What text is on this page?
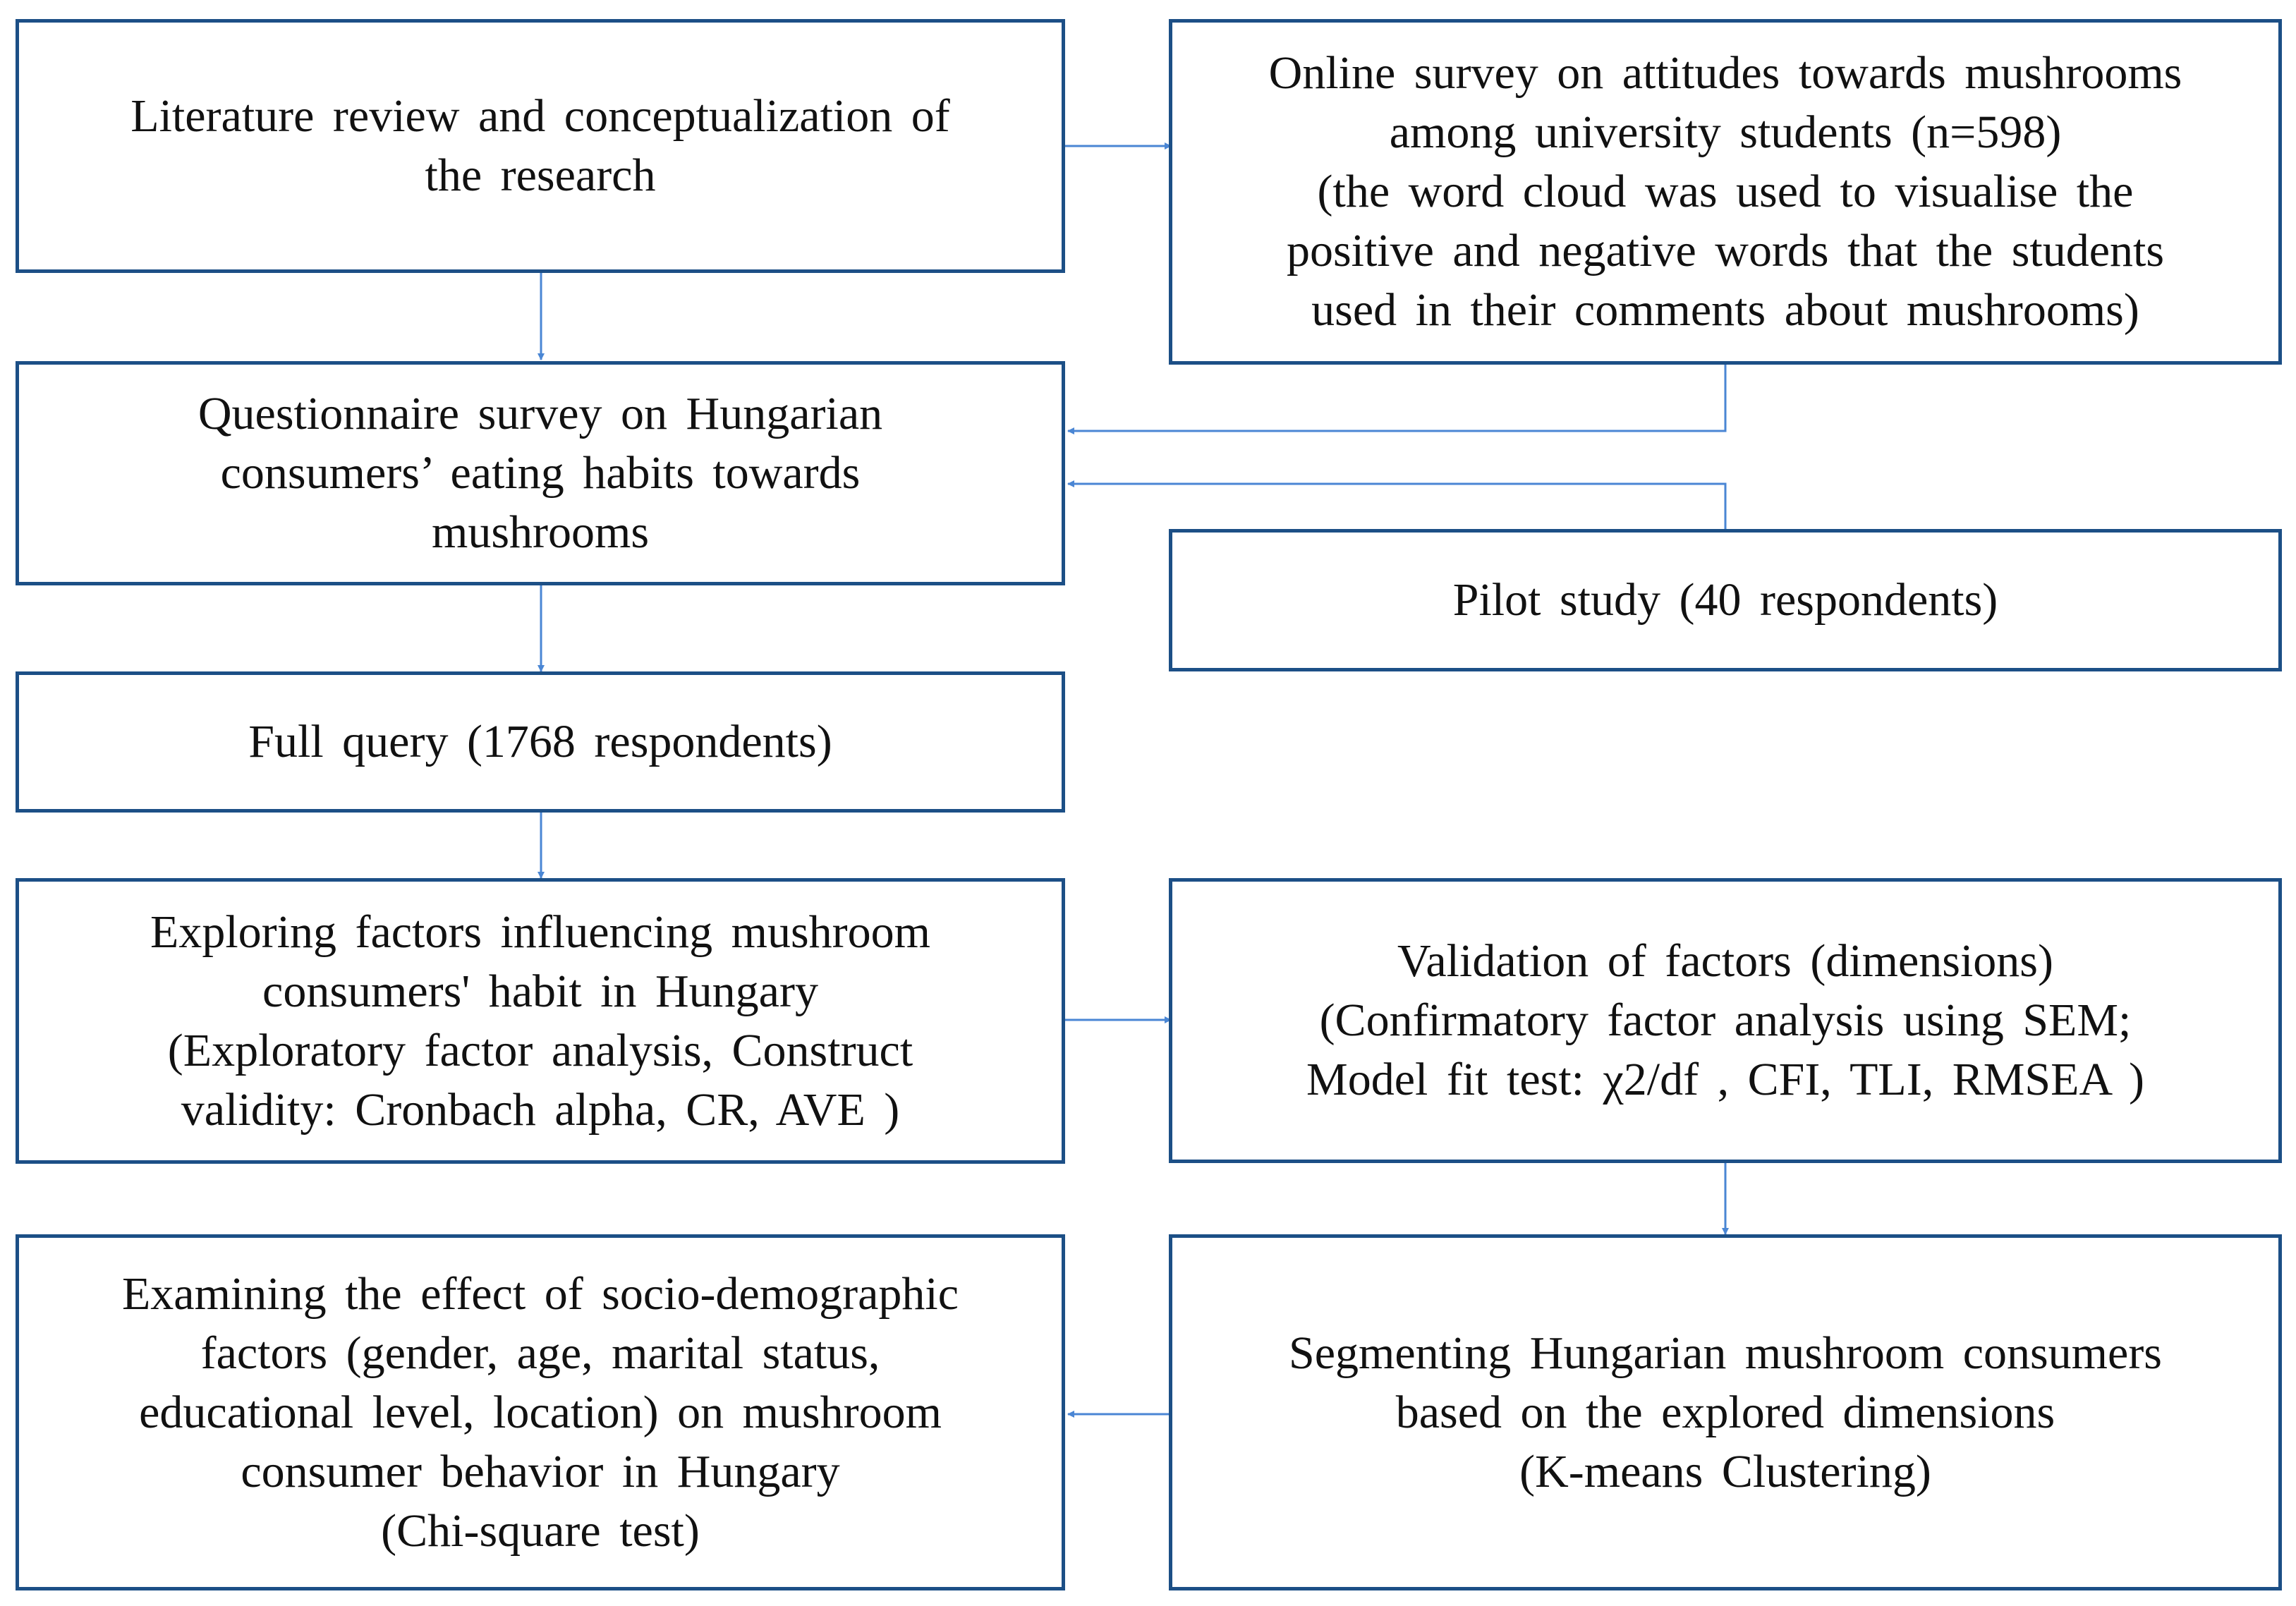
Literature review and conceptualization of
the research
Online survey on attitudes towards mushrooms
among university students (n=598)
(the word cloud was used to visualise the
positive and negative words that the students
used in their comments about mushrooms)
Questionnaire survey on Hungarian
consumers’ eating habits towards
mushrooms
Pilot study (40 respondents)
Full query (1768 respondents)
Exploring factors influencing mushroom
consumers' habit in Hungary
(Exploratory factor analysis, Construct
validity: Cronbach alpha, CR, AVE )
Validation of factors (dimensions)
(Confirmatory factor analysis using SEM;
Model fit test: χ2/df , CFI, TLI, RMSEA )
Examining the effect of socio-demographic
factors (gender, age, marital status,
educational level, location) on mushroom
consumer behavior in Hungary
(Chi-square test)
Segmenting Hungarian mushroom consumers
based on the explored dimensions
(K-means Clustering)
